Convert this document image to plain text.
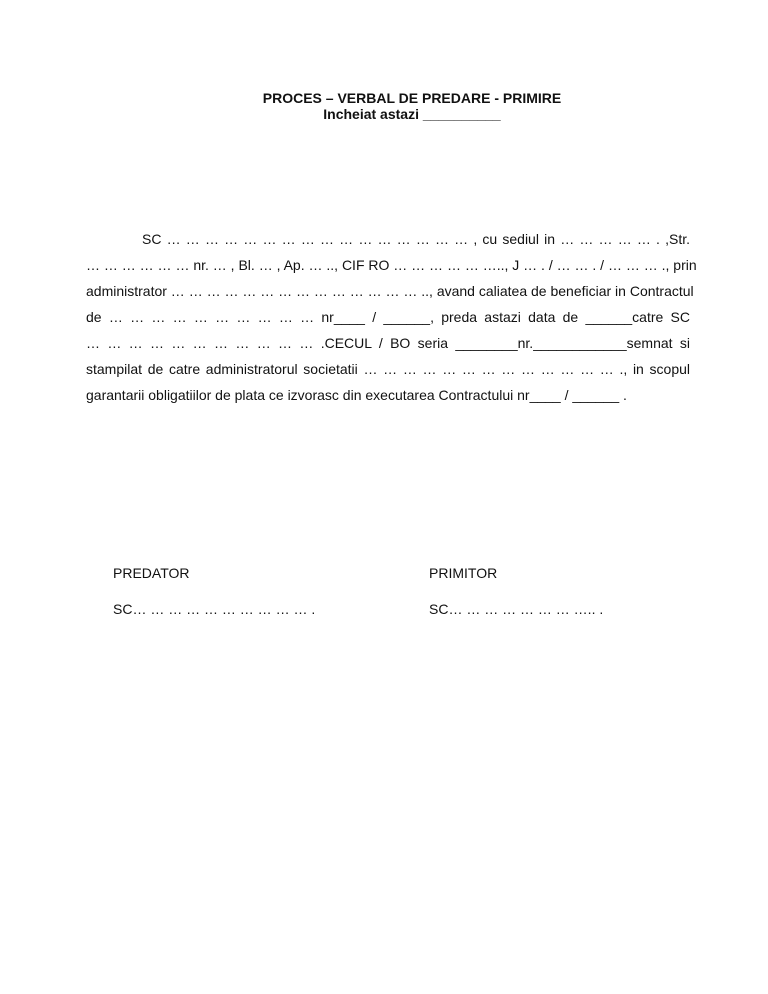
PROCES – VERBAL DE PREDARE - PRIMIRE
Incheiat astazi __________
SC … … … … … … … … … … … … … … … … , cu sediul in … … … … … . ,Str.
… … … … … … nr. … , Bl. … , Ap. … .., CIF RO … … … … … ….., J … . / … … . / … … … ., prin
administrator … … … … … … … … … … … … … … .., avand caliatea de beneficiar in Contractul
de … … … … … … … … … … nr____ / ______, preda astazi data de ______catre SC
… … … … … … … … … … … .CECUL / BO seria ________nr.____________semnat si
stampilat de catre administratorul societatii … … … … … … … … … … … … … ., in scopul
garantarii obligatiilor de plata ce izvorasc din executarea Contractului nr____ / ______ .
PREDATOR
SC… … … … … … … … … … .
PRIMITOR
SC… … … … … … … ….. .
